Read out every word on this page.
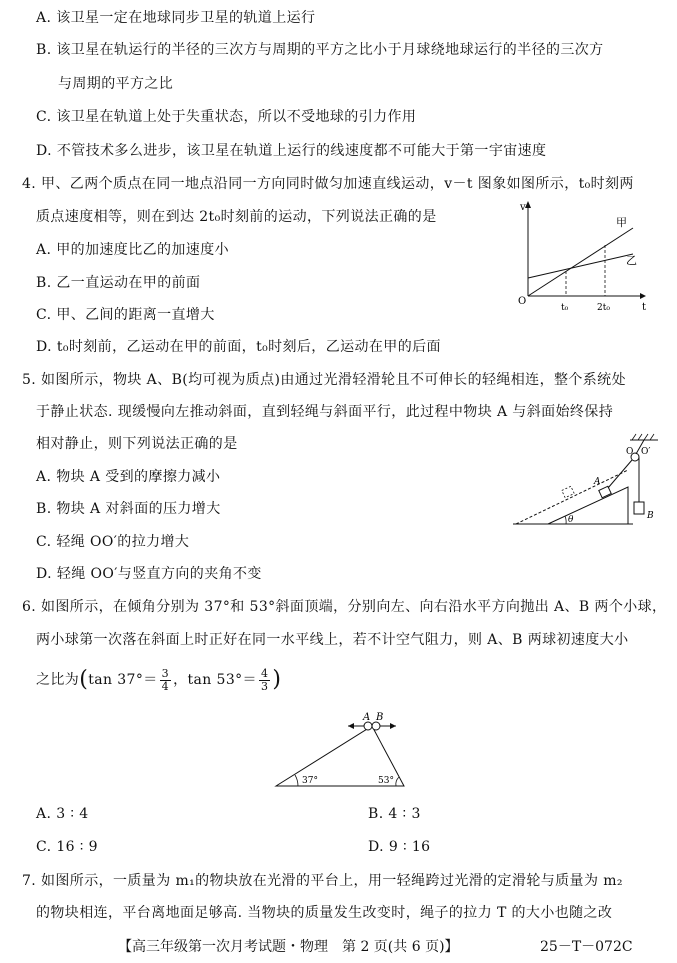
A. 该卫星一定在地球同步卫星的轨道上运行
B. 该卫星在轨运行的半径的三次方与周期的平方之比小于月球绕地球运行的半径的三次方
与周期的平方之比
C. 该卫星在轨道上处于失重状态，所以不受地球的引力作用
D. 不管技术多么进步，该卫星在轨道上运行的线速度都不可能大于第一宇宙速度
4. 甲、乙两个质点在同一地点沿同一方向同时做匀加速直线运动，v－t 图象如图所示，t₀时刻两
质点速度相等，则在到达 2t₀时刻前的运动，下列说法正确的是
A. 甲的加速度比乙的加速度小
B. 乙一直运动在甲的前面
C. 甲、乙间的距离一直增大
D. t₀时刻前，乙运动在甲的前面，t₀时刻后，乙运动在甲的后面
v
t
O
甲
乙
t₀	2t₀
5. 如图所示，物块 A、B(均可视为质点)由通过光滑轻滑轮且不可伸长的轻绳相连，整个系统处
于静止状态. 现缓慢向左推动斜面，直到轻绳与斜面平行，此过程中物块 A 与斜面始终保持
相对静止，则下列说法正确的是
A. 物块 A 受到的摩擦力减小
B. 物块 A 对斜面的压力增大
C. 轻绳 OO′的拉力增大
D. 轻绳 OO′与竖直方向的夹角不变
O O′
A
B
θ
6. 如图所示，在倾角分别为 37°和 53°斜面顶端，分别向左、向右沿水平方向抛出 A、B 两个小球，
两小球第一次落在斜面上时正好在同一水平线上，若不计空气阻力，则 A、B 两球初速度大小
之比为(tan $37^\circ= \frac{3}{4}$ ，$\tan 53^\circ= \frac{4}{3}$ )
A B
37°	53°
A. 3 ∶ 4	B. 4 ∶ 3
C. 16 ∶ 9	D. 9 ∶ 16
7. 如图所示，一质量为 m₁的物块放在光滑的平台上，用一轻绳跨过光滑的定滑轮与质量为 m₂
的物块相连，平台离地面足够高. 当物块的质量发生改变时，绳子的拉力 T 的大小也随之改
【高三年级第一次月考试题・物理　第 2 页(共 6 页)】	25－T－072C
